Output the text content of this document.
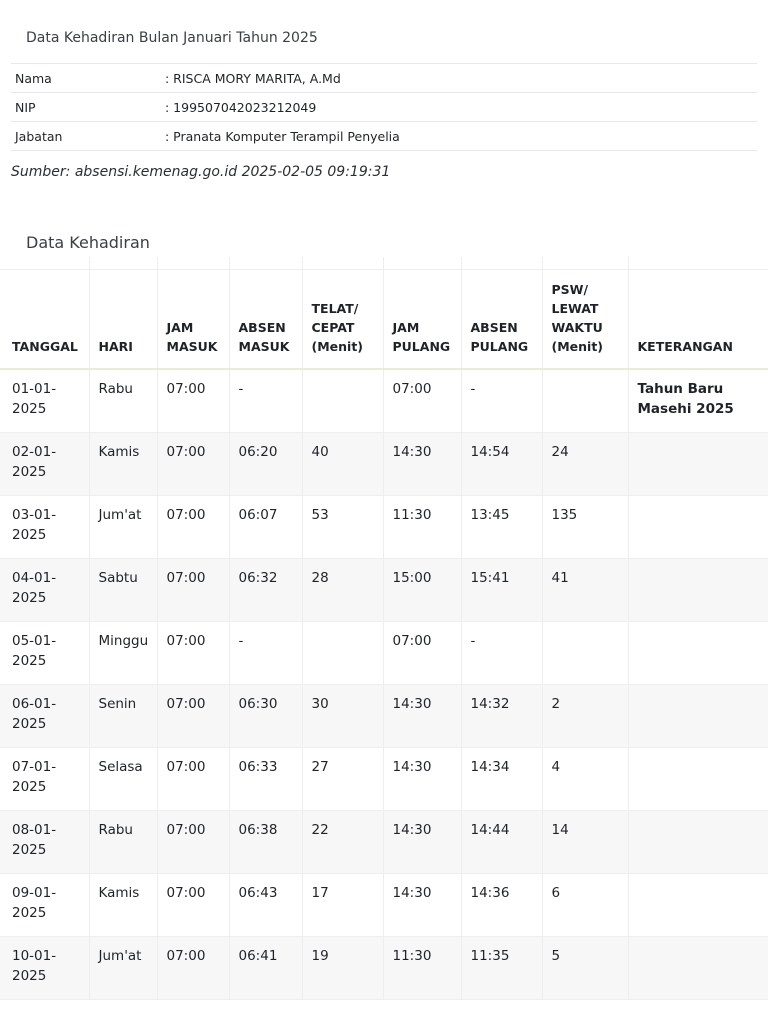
Data Kehadiran Bulan Januari Tahun 2025
Nama	: RISCA MORY MARITA, A.Md
NIP	: 199507042023212049
Jabatan	: Pranata Komputer Terampil Penyelia
Sumber: absensi.kemenag.go.id 2025-02-05 09:19:31
Data Kehadiran

TANGGAL	HARI	JAM MASUK	ABSEN MASUK	TELAT/ CEPAT (Menit)	JAM PULANG	ABSEN PULANG	PSW/ LEWAT WAKTU (Menit)	KETERANGAN
01-01-2025	Rabu	07:00	-		07:00	-		Tahun Baru Masehi 2025
02-01-2025	Kamis	07:00	06:20	40	14:30	14:54	24	
03-01-2025	Jum'at	07:00	06:07	53	11:30	13:45	135	
04-01-2025	Sabtu	07:00	06:32	28	15:00	15:41	41	
05-01-2025	Minggu	07:00	-		07:00	-		
06-01-2025	Senin	07:00	06:30	30	14:30	14:32	2	
07-01-2025	Selasa	07:00	06:33	27	14:30	14:34	4	
08-01-2025	Rabu	07:00	06:38	22	14:30	14:44	14	
09-01-2025	Kamis	07:00	06:43	17	14:30	14:36	6	
10-01-2025	Jum'at	07:00	06:41	19	11:30	11:35	5	
